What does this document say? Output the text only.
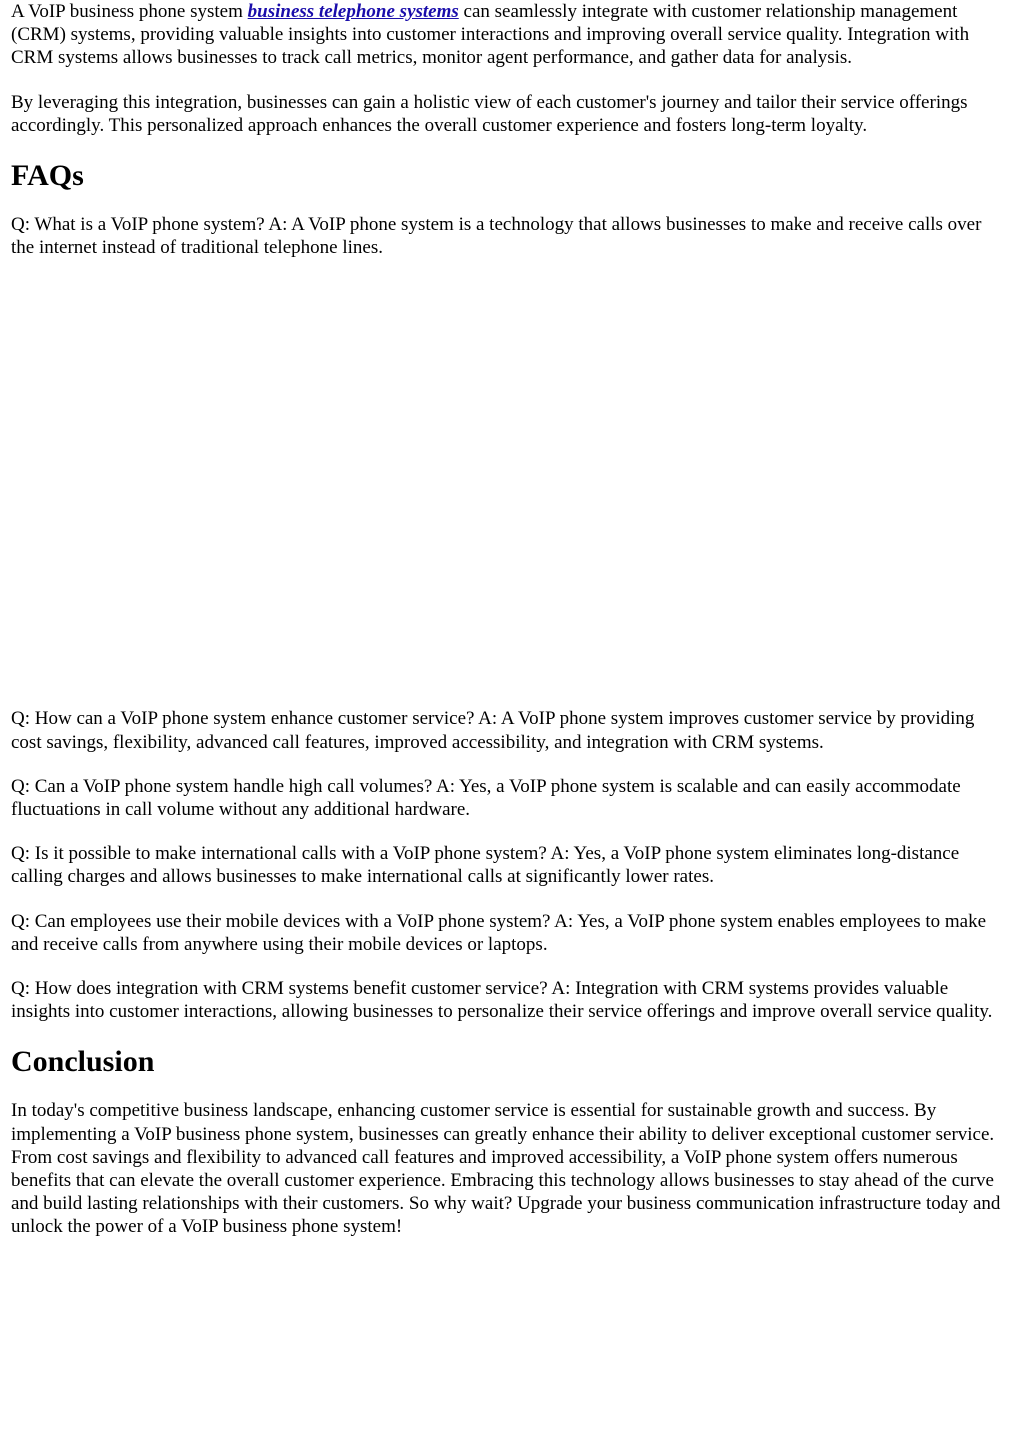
A VoIP business phone system business telephone systems can seamlessly integrate with customer relationship management (CRM) systems, providing valuable insights into customer interactions and improving overall service quality. Integration with CRM systems allows businesses to track call metrics, monitor agent performance, and gather data for analysis.

By leveraging this integration, businesses can gain a holistic view of each customer's journey and tailor their service offerings accordingly. This personalized approach enhances the overall customer experience and fosters long-term loyalty.

FAQs

Q: What is a VoIP phone system? A: A VoIP phone system is a technology that allows businesses to make and receive calls over the internet instead of traditional telephone lines.

Q: How can a VoIP phone system enhance customer service? A: A VoIP phone system improves customer service by providing cost savings, flexibility, advanced call features, improved accessibility, and integration with CRM systems.

Q: Can a VoIP phone system handle high call volumes? A: Yes, a VoIP phone system is scalable and can easily accommodate fluctuations in call volume without any additional hardware.

Q: Is it possible to make international calls with a VoIP phone system? A: Yes, a VoIP phone system eliminates long-distance calling charges and allows businesses to make international calls at significantly lower rates.

Q: Can employees use their mobile devices with a VoIP phone system? A: Yes, a VoIP phone system enables employees to make and receive calls from anywhere using their mobile devices or laptops.

Q: How does integration with CRM systems benefit customer service? A: Integration with CRM systems provides valuable insights into customer interactions, allowing businesses to personalize their service offerings and improve overall service quality.

Conclusion

In today's competitive business landscape, enhancing customer service is essential for sustainable growth and success. By implementing a VoIP business phone system, businesses can greatly enhance their ability to deliver exceptional customer service. From cost savings and flexibility to advanced call features and improved accessibility, a VoIP phone system offers numerous benefits that can elevate the overall customer experience. Embracing this technology allows businesses to stay ahead of the curve and build lasting relationships with their customers. So why wait? Upgrade your business communication infrastructure today and unlock the power of a VoIP business phone system!
